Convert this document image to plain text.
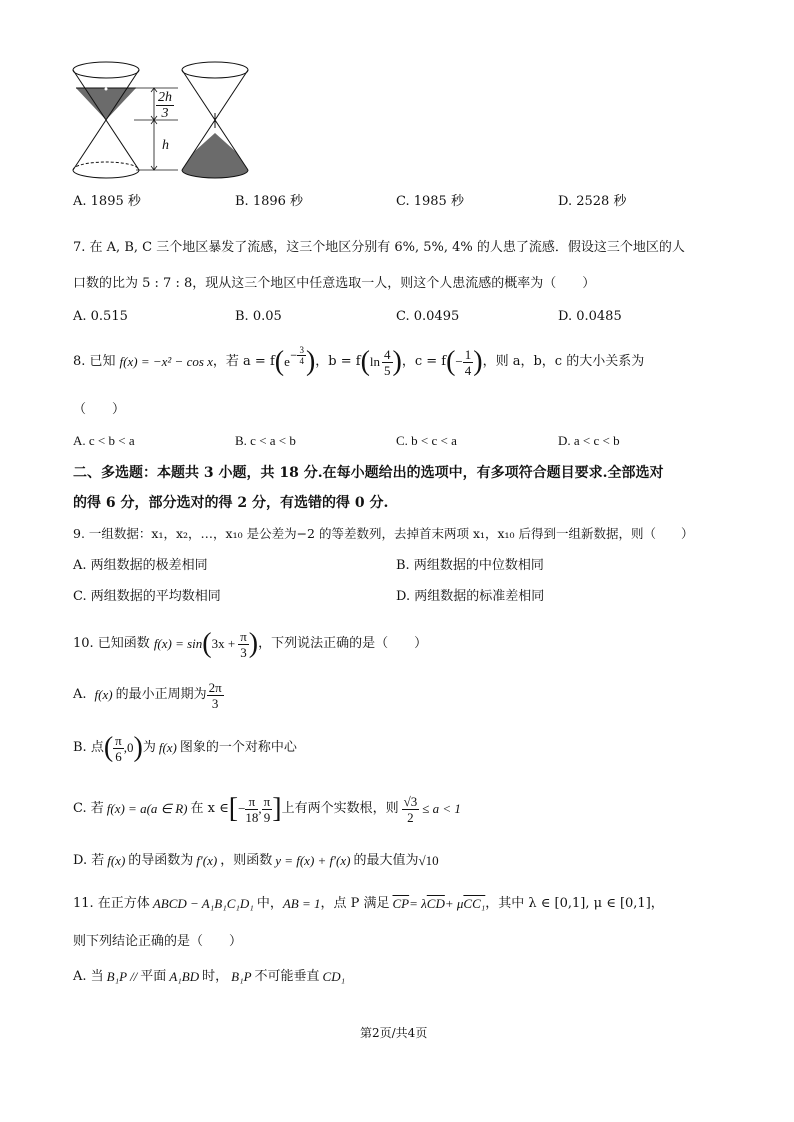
$\frac{2h}{3}$
h
A. 1895 秒	B. 1896 秒	C. 1985 秒	D. 2528 秒
7. 在 A, B, C 三个地区暴发了流感，这三个地区分别有 6%, 5%, 4% 的人患了流感．假设这三个地区的人
口数的比为 5 : 7 : 8，现从这三个地区中任意选取一人，则这个人患流感的概率为（　　）
A. 0.515	B. 0.05	C. 0.0495	D. 0.0485
8. 已知 f(x) = −x² − cos x ，若 a = f ( $e - \frac{3}{4}$ ) ，b = f ( $\ln \frac{4}{5}$ ) ，c = f ( − $\frac{1}{4}$ ) ，则 a，b，c 的大小关系为
（　　）
A. c < b < a	B. c < a < b	C. b < c < a	D. a < c < b
二、多选题：本题共 3 小题，共 18 分.在每小题给出的选项中，有多项符合题目要求.全部选对
的得 6 分，部分选对的得 2 分，有选错的得 0 分.
9. 一组数据：x₁，x₂，…，x₁₀ 是公差为−2 的等差数列，去掉首末两项 x₁，x₁₀ 后得到一组新数据，则（　　）
A. 两组数据的极差相同	B. 两组数据的中位数相同
C. 两组数据的平均数相同	D. 两组数据的标准差相同
10. 已知函数 f(x) = sin ( $3x + \frac{\pi}{3}$ ) ，下列说法正确的是（　　）
A. f(x) 的最小正周期为 $\frac{2\pi}{3}$
B. 点 ( $\frac{\pi}{6} ,0$ ) 为 f(x) 图象的一个对称中心
C. 若 f(x) = a(a ∈ R) 在 x ∈ [ − $\frac{\pi}{18}$ , $\frac{\pi}{9}$ ] 上有两个实数根，则 $\frac{√3}{2} \le a < 1$
D. 若 f(x) 的导函数为 f′(x) ，则函数 y = f(x) + f′(x) 的最大值为 √10
11. 在正方体 ABCD − A₁B₁C₁D₁ 中， AB = 1 ，点 P 满足 $\overline{CP} = \lambda$ $\overline{CD} + \mu$ CC₁ ，其中 λ ∈ [0,1], μ ∈ [0,1]，
则下列结论正确的是（　　）
A. 当 B₁P // 平面 A₁BD 时， B₁P 不可能垂直 CD₁
第2页/共4页
